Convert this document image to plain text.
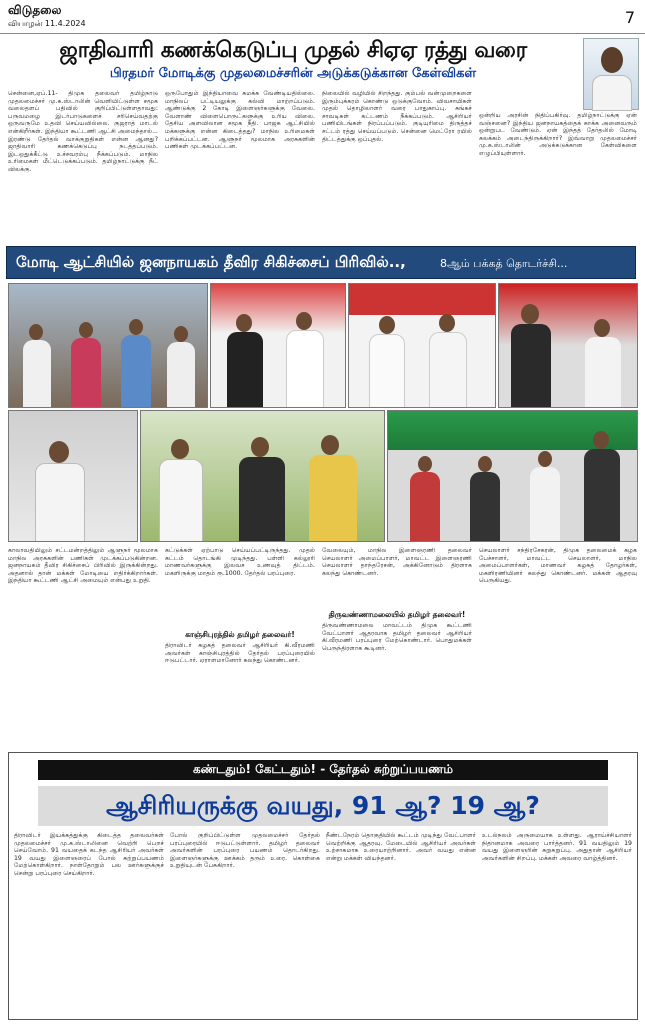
விடுதலை
வியாழன் 11.4.2024	7
ஜாதிவாரி கணக்கெடுப்பு முதல் சிஏஏ ரத்து வரை
பிரதமர் மோடிக்கு முதலமைச்சரின் அடுக்கடுக்கான கேள்விகள்

சென்னை,ஏப்.11- திமுக தலைவர் தமிழ்நாடு முதலமைச்சர் மு.க.ஸ்டாலின் வெளியிட்டுள்ள சமூக வலைதளப் பதிவில் குறிப்பிட்டுள்ளதாவது: பருவமழை இடர்பாடுகளைச் சரிசெய்வதற்கு ஒருவருமே உதவி செய்யவில்லை. குஜராத் மாடல் என்கிறீர்கள். இந்தியா கூட்டணி ஆட்சி அமைந்தால்... இரண்டு தேர்தல் வாக்குறுதிகள் என்ன ஆனது? ஜாதிவாரி கணக்கெடுப்பு நடத்தப்படும். இடஒதுக்கீட்டு உச்சவரம்பு நீக்கப்படும். மாநில உரிமைகள் மீட்டெடுக்கப்படும். தமிழ்நாட்டுக்கு நீட் விலக்கு.

ஒருபோதும் இந்தியாவை சுமக்க வேண்டியதில்லை. மாநிலப் பட்டியலுக்கு கல்வி மாற்றப்படும். ஆண்டுக்கு 2 கோடி இளைஞர்களுக்கு வேலை. வேளாண் விளைபொருட்களுக்கு உரிய விலை. தேசிய அளவிலான சமூக நீதி. பாஜக ஆட்சியில் மக்களுக்கு என்ன கிடைத்தது? மாநில உரிமைகள் பறிக்கப்பட்டன. ஆளுநர் மூலமாக அரசுகளின் பணிகள் முடக்கப்பட்டன.

நிலையில் வழியில் சிறந்தது. கும்பல் வன்முறைகளை இரும்புக்கரம் கொண்டு ஒடுக்குவோம். விவசாயிகள் முதல் தொழிலாளர் வரை பாதுகாப்பு. சுங்கச் சாவடிகள் கட்டணம் நீக்கப்படும். ஆசிரியர் பணியிடங்கள் நிரப்பப்படும். குடியுரிமை திருத்தச் சட்டம் ரத்து செய்யப்படும். சென்னை மெட்ரோ ரயில் திட்டத்துக்கு ஒப்புதல்.

ஒன்றிய அரசின் நிதிப்பகிர்வு. தமிழ்நாட்டுக்கு ஏன் வஞ்சனை? இந்திய ஜனநாயகத்தைக் காக்க அனைவரும் ஒன்றுபட வேண்டும். ஏன் இந்தத் தேர்தலில் மோடி கலக்கம் அடைந்திருக்கிறார்? இவ்வாறு முதலமைச்சர் மு.க.ஸ்டாலின் அடுக்கடுக்கான கேள்விகளை எழுப்பியுள்ளார்.

மோடி ஆட்சியில் ஜனநாயகம் தீவிர சிகிச்சைப் பிரிவில்..,	8ஆம் பக்கத் தொடர்ச்சி...

காலாவதியிலும் சட்டமன்றத்திலும் ஆளுநர் மூலமாக மாநில அரசுகளின் பணிகள் முடக்கப்படுகின்றன. ஜனநாயகம் தீவிர சிகிச்சைப் பிரிவில் இருக்கின்றது. அதனால் தான் மக்கள் மோடியை எதிர்க்கிறார்கள். இந்தியா கூட்டணி ஆட்சி அமையும் என்பது உறுதி.

கட்டுக்கள் ஏற்பாடு செய்யப்பட்டிருந்தது. முதல் கட்டம் தொடங்கி முடிந்தது. பள்ளி கல்லூரி மாணவர்களுக்கு இலவச உணவுத் திட்டம். மகளிருக்கு மாதம் ரூ.1000. தேர்தல் பரப்புரை.

காஞ்சிபுரத்தில் தமிழர் தலைவர்!

திராவிடர் கழகத் தலைவர் ஆசிரியர் கி.வீரமணி அவர்கள் காஞ்சிபுரத்தில் தேர்தல் பரப்புரையில் ஈடுபட்டார். ஏராளமானோர் கலந்து கொண்டனர்.

வேலையும், மாநில இளைஞரணி தலைவர் செயலாளர் அமைப்பாளர், மாவட்ட இளைஞரணி செயலாளர் தாந்தரேசன், அக்கினோடும் திரளாக கலந்து கொண்டனர்.

திருவண்ணாமலையில் தமிழர் தலைவர்!

திருவண்ணாமலை மாவட்டம் திமுக கூட்டணி வேட்பாளர் ஆதரவாக தமிழர் தலைவர் ஆசிரியர் கி.வீரமணி பரப்புரை மேற்கொண்டார். பொதுமக்கள் பெருந்திரளாக கூடினர்.

செயலாளர் சந்திரசேகரன், திமுக தலைமைக் கழக பேச்சாளர், மாவட்ட செயலாளர், மாநில அமைப்பாளர்கள், மாணவர் கழகத் தோழர்கள், மகளிரணியினர் கலந்து கொண்டனர். மக்கள் ஆதரவு பெருகியது.

கண்டதும்! கேட்டதும்! - தேர்தல் சுற்றுப்பயணம்
ஆசிரியருக்கு வயது, 91 ஆ? 19 ஆ?

திராவிடர் இயக்கத்துக்கு கிடைத்த தலைவர்கள் முதலமைச்சர் மு.க.ஸ்டாலினை வெற்றி பெறச் செய்வோம். 91 வயதைக் கடந்த ஆசிரியர் அவர்கள் 19 வயது இளைஞரைப் போல் சுற்றுப்பயணம் மேற்கொள்கிறார். நாள்தோறும் பல ஊர்களுக்குச் சென்று பரப்புரை செய்கிறார்.

போல் குறிப்பிட்டுள்ள முதலமைச்சர் தேர்தல் பரப்புரையில் ஈடுபட்டுள்ளார். தமிழர் தலைவர் அவர்களின் பரப்புரை பயணம் தொடர்கிறது. இளைஞர்களுக்கு ஊக்கம் தரும் உரை. கொள்கை உறுதியுடன் பேசுகிறார்.

நீண்டநேரம் தொகுதியில் கூட்டம் முடிந்து வேட்பாளர் வெற்றிக்கு ஆதரவு. மேடையில் ஆசிரியர் அவர்கள் உற்சாகமாக உரையாற்றினார். அவர் வயது என்ன என்று மக்கள் வியந்தனர்.

உடல்நலம் அருமையாக உள்ளது. ஆராய்ச்சியாளர் நிதானமாக அவரை பார்த்தனர். 91 வயதிலும் 19 வயது இளைஞரின் சுறுசுறுப்பு. அதுதான் ஆசிரியர் அவர்களின் சிறப்பு. மக்கள் அவரை வாழ்த்தினர்.
